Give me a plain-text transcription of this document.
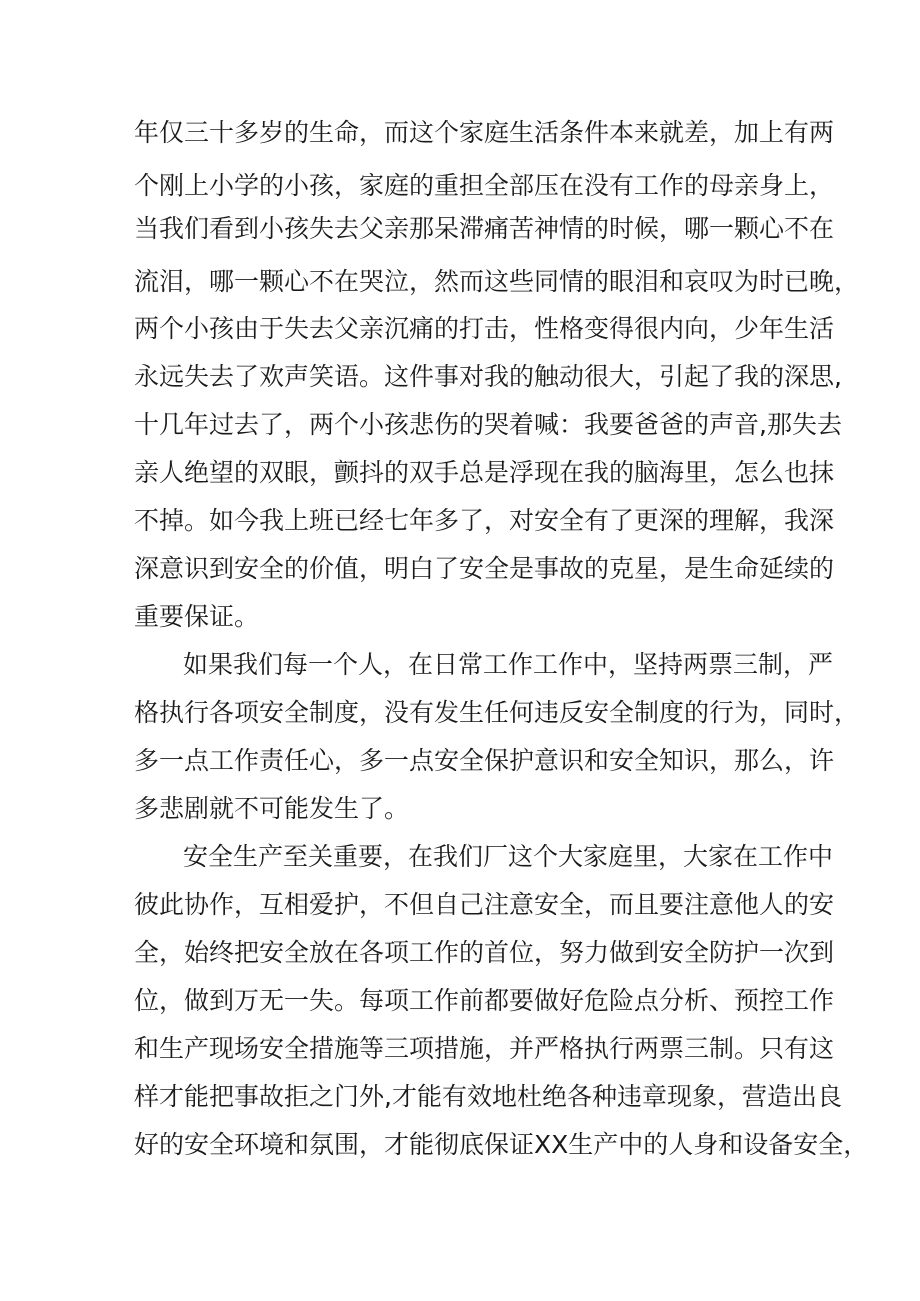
年仅三十多岁的生命，而这个家庭生活条件本来就差，加上有两
个刚上小学的小孩，家庭的重担全部压在没有工作的母亲身上，
当我们看到小孩失去父亲那呆滞痛苦神情的时候，哪一颗心不在
流泪，哪一颗心不在哭泣，然而这些同情的眼泪和哀叹为时已晚，
两个小孩由于失去父亲沉痛的打击，性格变得很内向，少年生活
永远失去了欢声笑语。这件事对我的触动很大，引起了我的深思,
十几年过去了，两个小孩悲伤的哭着喊：我要爸爸的声音,那失去
亲人绝望的双眼，颤抖的双手总是浮现在我的脑海里，怎么也抹
不掉。如今我上班已经七年多了，对安全有了更深的理解，我深
深意识到安全的价值，明白了安全是事故的克星，是生命延续的
重要保证。
如果我们每一个人，在日常工作工作中，坚持两票三制，严
格执行各项安全制度，没有发生任何违反安全制度的行为，同时，
多一点工作责任心，多一点安全保护意识和安全知识，那么，许
多悲剧就不可能发生了。
安全生产至关重要，在我们厂这个大家庭里，大家在工作中
彼此协作，互相爱护，不但自己注意安全，而且要注意他人的安
全，始终把安全放在各项工作的首位，努力做到安全防护一次到
位，做到万无一失。每项工作前都要做好危险点分析、预控工作
和生产现场安全措施等三项措施，并严格执行两票三制。只有这
样才能把事故拒之门外,才能有效地杜绝各种违章现象，营造出良
好的安全环境和氛围，才能彻底保证XX生产中的人身和设备安全，
